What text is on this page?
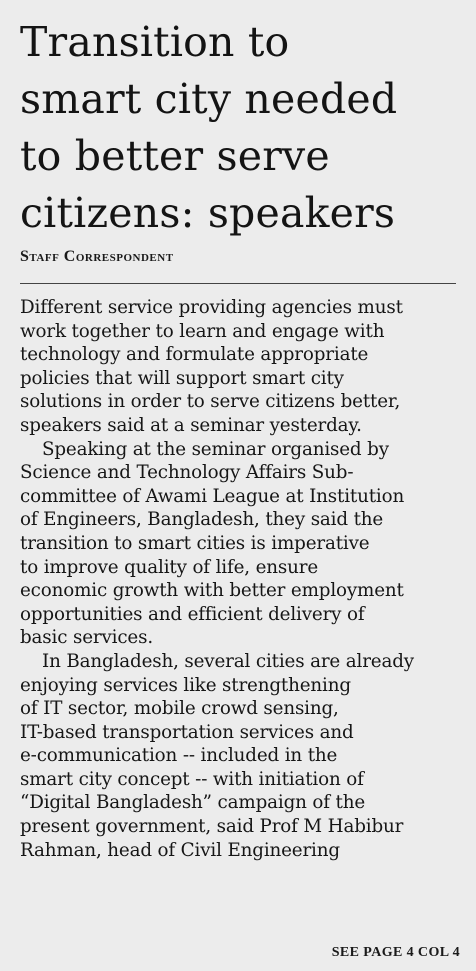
Transition to
smart city needed
to better serve
citizens: speakers
Staff Correspondent

Different service providing agencies must
work together to learn and engage with
technology and formulate appropriate
policies that will support smart city
solutions in order to serve citizens better,
speakers said at a seminar yesterday.

Speaking at the seminar organised by
Science and Technology Affairs Sub-
committee of Awami League at Institution
of Engineers, Bangladesh, they said the
transition to smart cities is imperative
to improve quality of life, ensure
economic growth with better employment
opportunities and efficient delivery of
basic services.

In Bangladesh, several cities are already
enjoying services like strengthening
of IT sector, mobile crowd sensing,
IT-based transportation services and
e-communication -- included in the
smart city concept -- with initiation of
“Digital Bangladesh” campaign of the
present government, said Prof M Habibur
Rahman, head of Civil Engineering

SEE PAGE 4 COL 4
